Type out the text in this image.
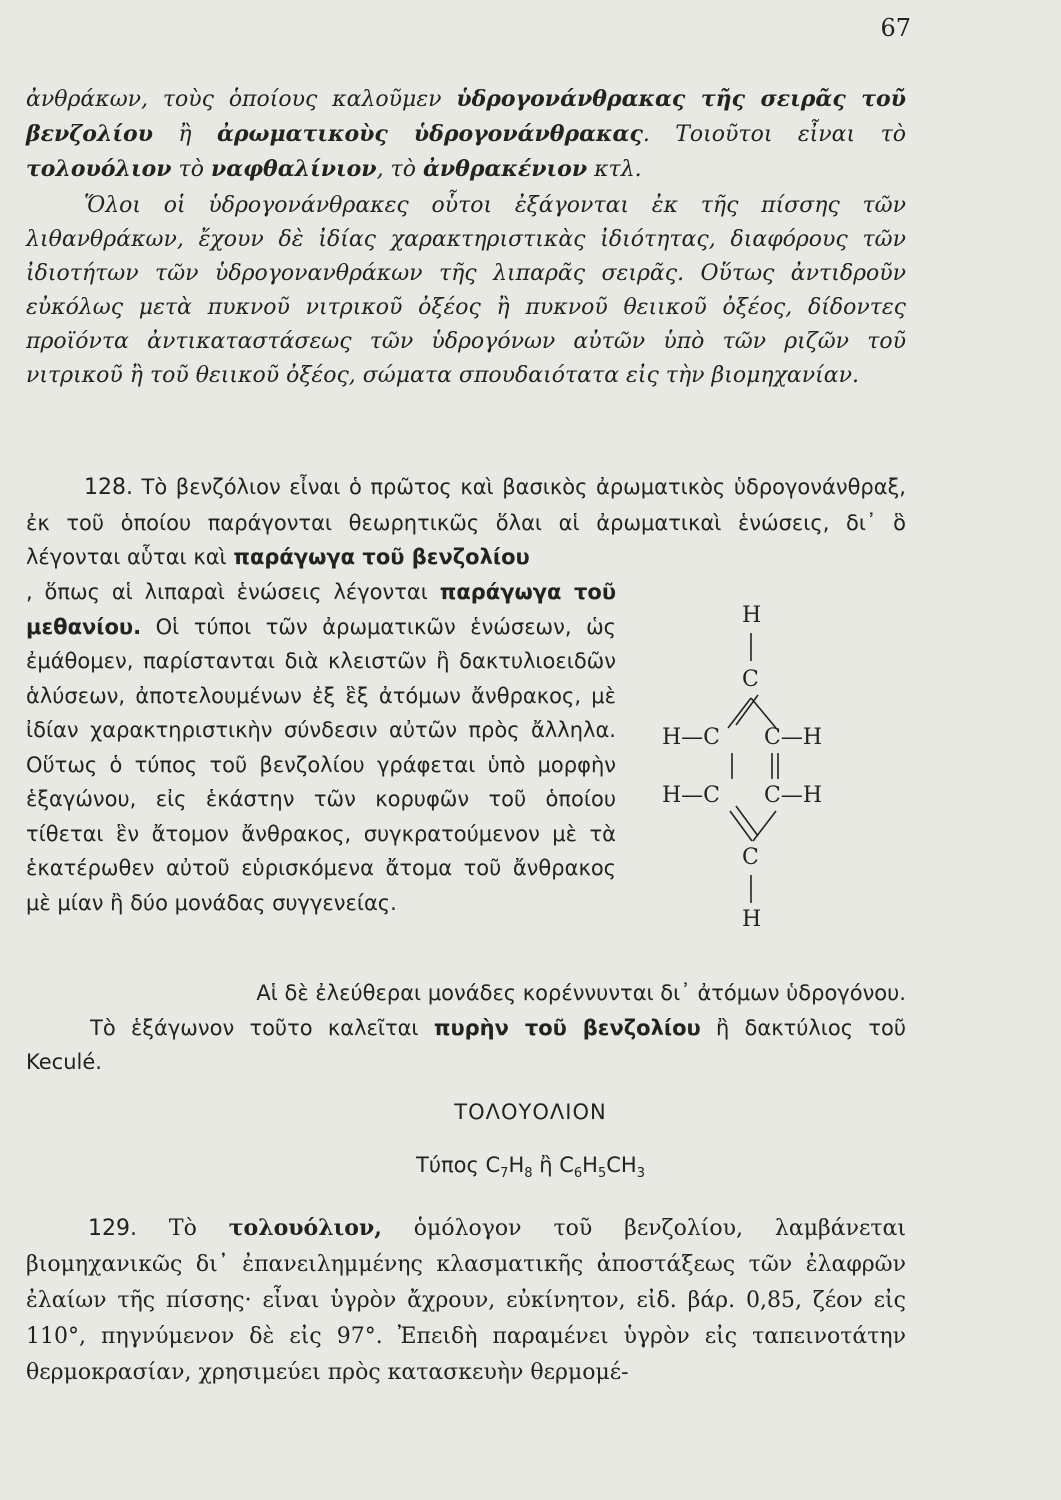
67

ἀνθράκων, τοὺς ὁποίους καλοῦμεν ὑδρογονάνθρακας τῆς σειρᾶς τοῦ βενζολίου ἢ ἀρωματικοὺς ὑδρογονάνθρακας. Τοιοῦτοι εἶναι τὸ τολουόλιον τὸ ναφθαλίνιον, τὸ ἀνθρακένιον κτλ.

Ὅλοι οἱ ὑδρογονάνθρακες οὗτοι ἐξάγονται ἐκ τῆς πίσσης τῶν λιθανθράκων, ἔχουν δὲ ἰδίας χαρακτηριστικὰς ἰδιότητας, διαφόρους τῶν ἰδιοτήτων τῶν ὑδρογονανθράκων τῆς λιπαρᾶς σειρᾶς. Οὕτως ἀντιδροῦν εὐκόλως μετὰ πυκνοῦ νιτρικοῦ ὀξέος ἢ πυκνοῦ θειικοῦ ὀξέος, δίδοντες προϊόντα ἀντικαταστάσεως τῶν ὑδρογόνων αὐτῶν ὑπὸ τῶν ριζῶν τοῦ νιτρικοῦ ἢ τοῦ θειικοῦ ὀξέος, σώματα σπουδαιότατα εἰς τὴν βιομηχανίαν.

128. Τὸ βενζόλιον εἶναι ὁ πρῶτος καὶ βασικὸς ἀρωματικὸς ὑδρογονάνθραξ, ἐκ τοῦ ὁποίου παράγονται θεωρητικῶς ὅλαι αἱ ἀρωματικαὶ ἑνώσεις, δι᾽ ὃ λέγονται αὗται καὶ παράγωγα τοῦ βενζολίου

, ὅπως αἱ λιπαραὶ ἑνώσεις λέγονται παράγωγα τοῦ μεθανίου. Οἱ τύποι τῶν ἀρωματικῶν ἑνώσεων, ὡς ἐμάθομεν, παρίστανται διὰ κλειστῶν ἢ δακτυλιοειδῶν ἁλύσεων, ἀποτελουμένων ἐξ ἓξ ἀτόμων ἄνθρακος, μὲ ἰδίαν χαρακτηριστικὴν σύνδεσιν αὐτῶν πρὸς ἄλληλα. Οὕτως ὁ τύπος τοῦ βενζολίου γράφεται ὑπὸ μορφὴν ἑξαγώνου, εἰς ἑκάστην τῶν κορυφῶν τοῦ ὁποίου τίθεται ἓν ἄτομον ἄνθρακος, συγκρατούμενον μὲ τὰ ἑκατέρωθεν αὐτοῦ εὑρισκόμενα ἄτομα τοῦ ἄνθρακος μὲ μίαν ἢ δύο μονάδας συγγενείας.

Αἱ δὲ ἐλεύθεραι μονάδες κορέννυνται δι᾽ ἀτόμων ὑδρογόνου.

Τὸ ἑξάγωνον τοῦτο καλεῖται πυρὴν τοῦ βενζολίου ἢ δακτύλιος τοῦ Keculé.

H
C
H—C C—H
H—C C—H
C
H
ΤΟΛΟΥΟΛΙΟΝ
Τύπος $C_7H_8$ ἢ $C_6H_5CH_3$

129. Τὸ τολουόλιον, ὁμόλογον τοῦ βενζολίου, λαμβάνεται βιομηχανικῶς δι᾽ ἐπανειλημμένης κλασματικῆς ἀποστάξεως τῶν ἐλαφρῶν ἐλαίων τῆς πίσσης· εἶναι ὑγρὸν ἄχρουν, εὐκίνητον, εἰδ. βάρ. 0,85, ζέον εἰς 110°, πηγνύμενον δὲ εἰς 97°. Ἐπειδὴ παραμένει ὑγρὸν εἰς ταπεινοτάτην θερμοκρασίαν, χρησιμεύει πρὸς κατασκευὴν θερμομέ-
